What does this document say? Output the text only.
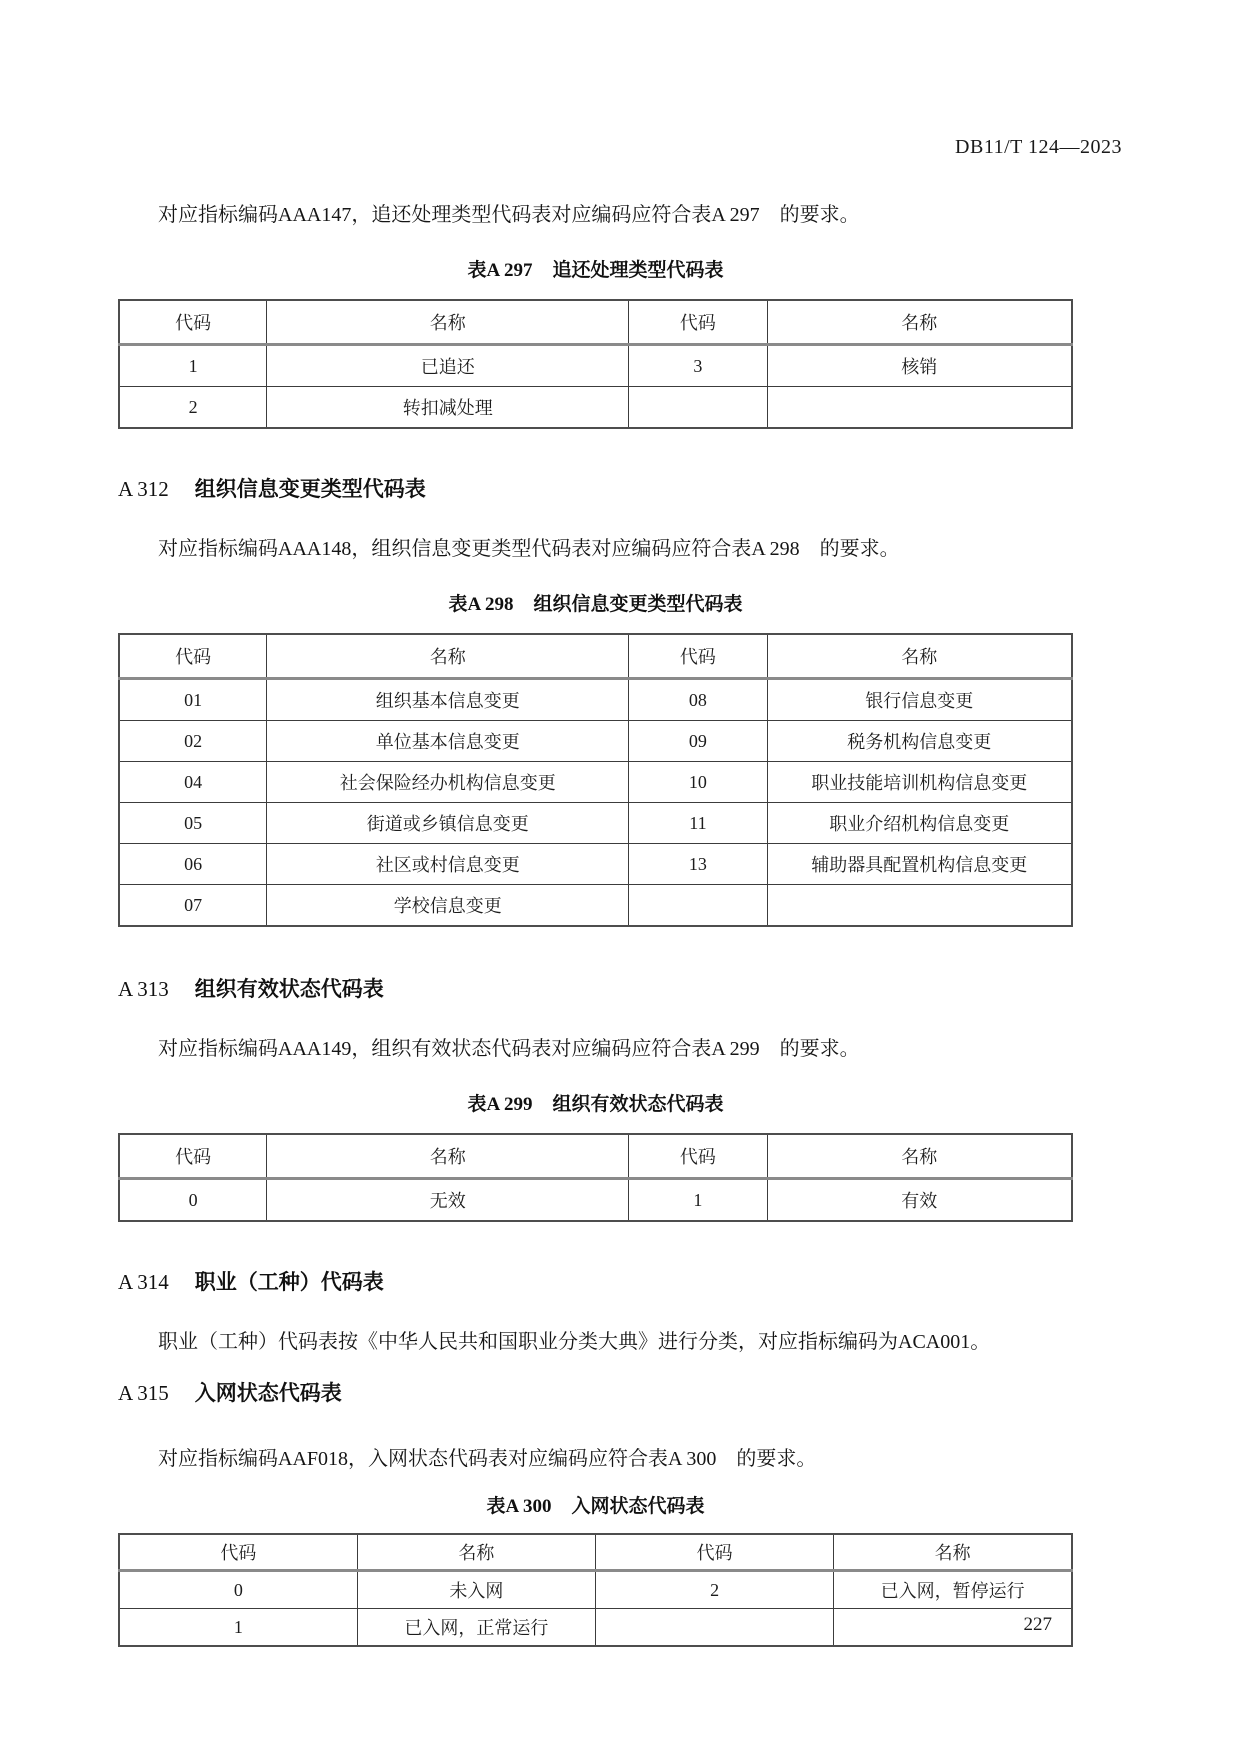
DB11/T 124—2023

对应指标编码AAA147，追还处理类型代码表对应编码应符合表A 297　的要求。

表A 297 追还处理类型代码表
代码	名称	代码	名称
1	已追还	3	核销
2	转扣减处理		
A 312 组织信息变更类型代码表

对应指标编码AAA148，组织信息变更类型代码表对应编码应符合表A 298　的要求。

表A 298 组织信息变更类型代码表
代码	名称	代码	名称
01	组织基本信息变更	08	银行信息变更
02	单位基本信息变更	09	税务机构信息变更
04	社会保险经办机构信息变更	10	职业技能培训机构信息变更
05	街道或乡镇信息变更	11	职业介绍机构信息变更
06	社区或村信息变更	13	辅助器具配置机构信息变更
07	学校信息变更		
A 313 组织有效状态代码表

对应指标编码AAA149，组织有效状态代码表对应编码应符合表A 299　的要求。

表A 299 组织有效状态代码表
代码	名称	代码	名称
0	无效	1	有效
A 314 职业（工种）代码表

职业（工种）代码表按《中华人民共和国职业分类大典》进行分类，对应指标编码为ACA001。

A 315 入网状态代码表

对应指标编码AAF018，入网状态代码表对应编码应符合表A 300　的要求。

表A 300 入网状态代码表
代码	名称	代码	名称
0	未入网	2	已入网，暂停运行
1	已入网，正常运行			227
